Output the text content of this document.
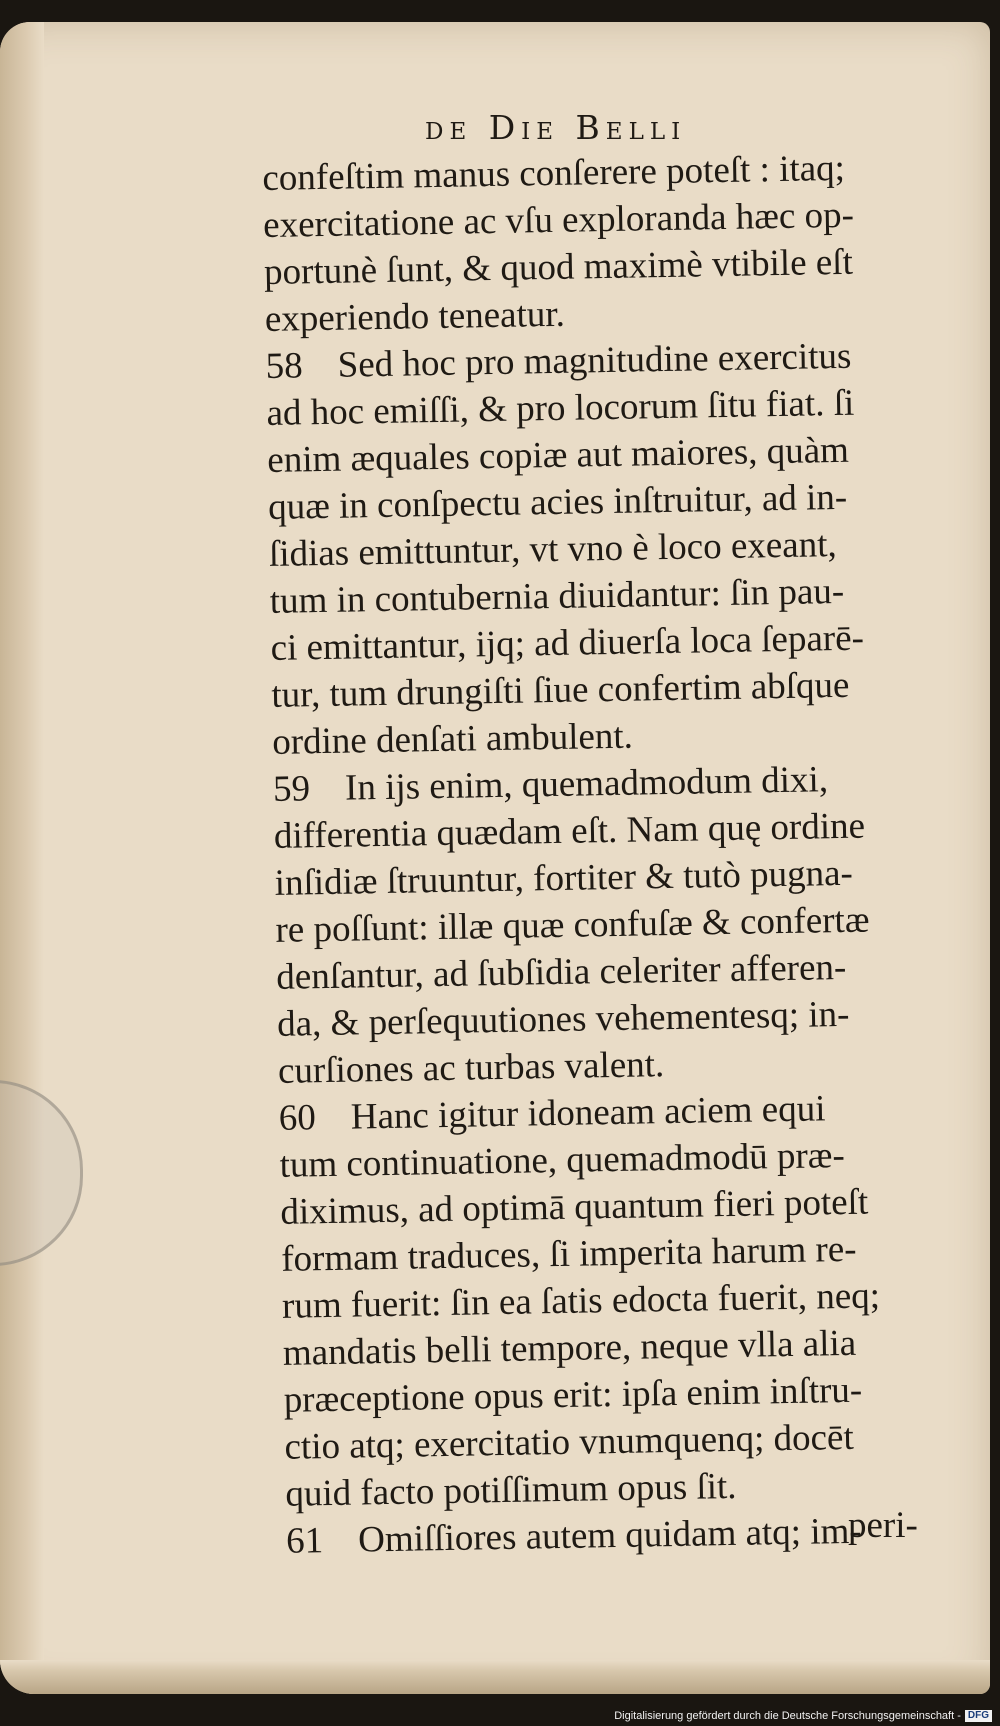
de Die Belli
confeſtim manus conſerere poteſt : itaq;
exercitatione ac vſu exploranda hæc op-
portunè ſunt, & quod maximè vtibile eſt
experiendo teneatur.
58 Sed hoc pro magnitudine exercitus
ad hoc emiſſi, & pro locorum ſitu fiat. ſi
enim æquales copiæ aut maiores, quàm
quæ in conſpectu acies inſtruitur, ad in-
ſidias emittuntur, vt vno è loco exeant,
tum in contubernia diuidantur: ſin pau-
ci emittantur, ijq; ad diuerſa loca ſeparē-
tur, tum drungiſti ſiue confertim abſque
ordine denſati ambulent.
59 In ijs enim, quemadmodum dixi,
differentia quædam eſt. Nam quę ordine
inſidiæ ſtruuntur, fortiter & tutò pugna-
re poſſunt: illæ quæ confuſæ & confertæ
denſantur, ad ſubſidia celeriter afferen-
da, & perſequutiones vehementesq; in-
curſiones ac turbas valent.
60 Hanc igitur idoneam aciem equi
tum continuatione, quemadmodū præ-
diximus, ad optimā quantum fieri poteſt
formam traduces, ſi imperita harum re-
rum fuerit: ſin ea ſatis edocta fuerit, neq;
mandatis belli tempore, neque vlla alia
præceptione opus erit: ipſa enim inſtru-
ctio atq; exercitatio vnumquenq; docēt
quid facto potiſſimum opus ſit.
61 Omiſſiores autem quidam atq; im-
peri-
Digitalisierung gefördert durch die Deutsche Forschungsgemeinschaft - DFG
